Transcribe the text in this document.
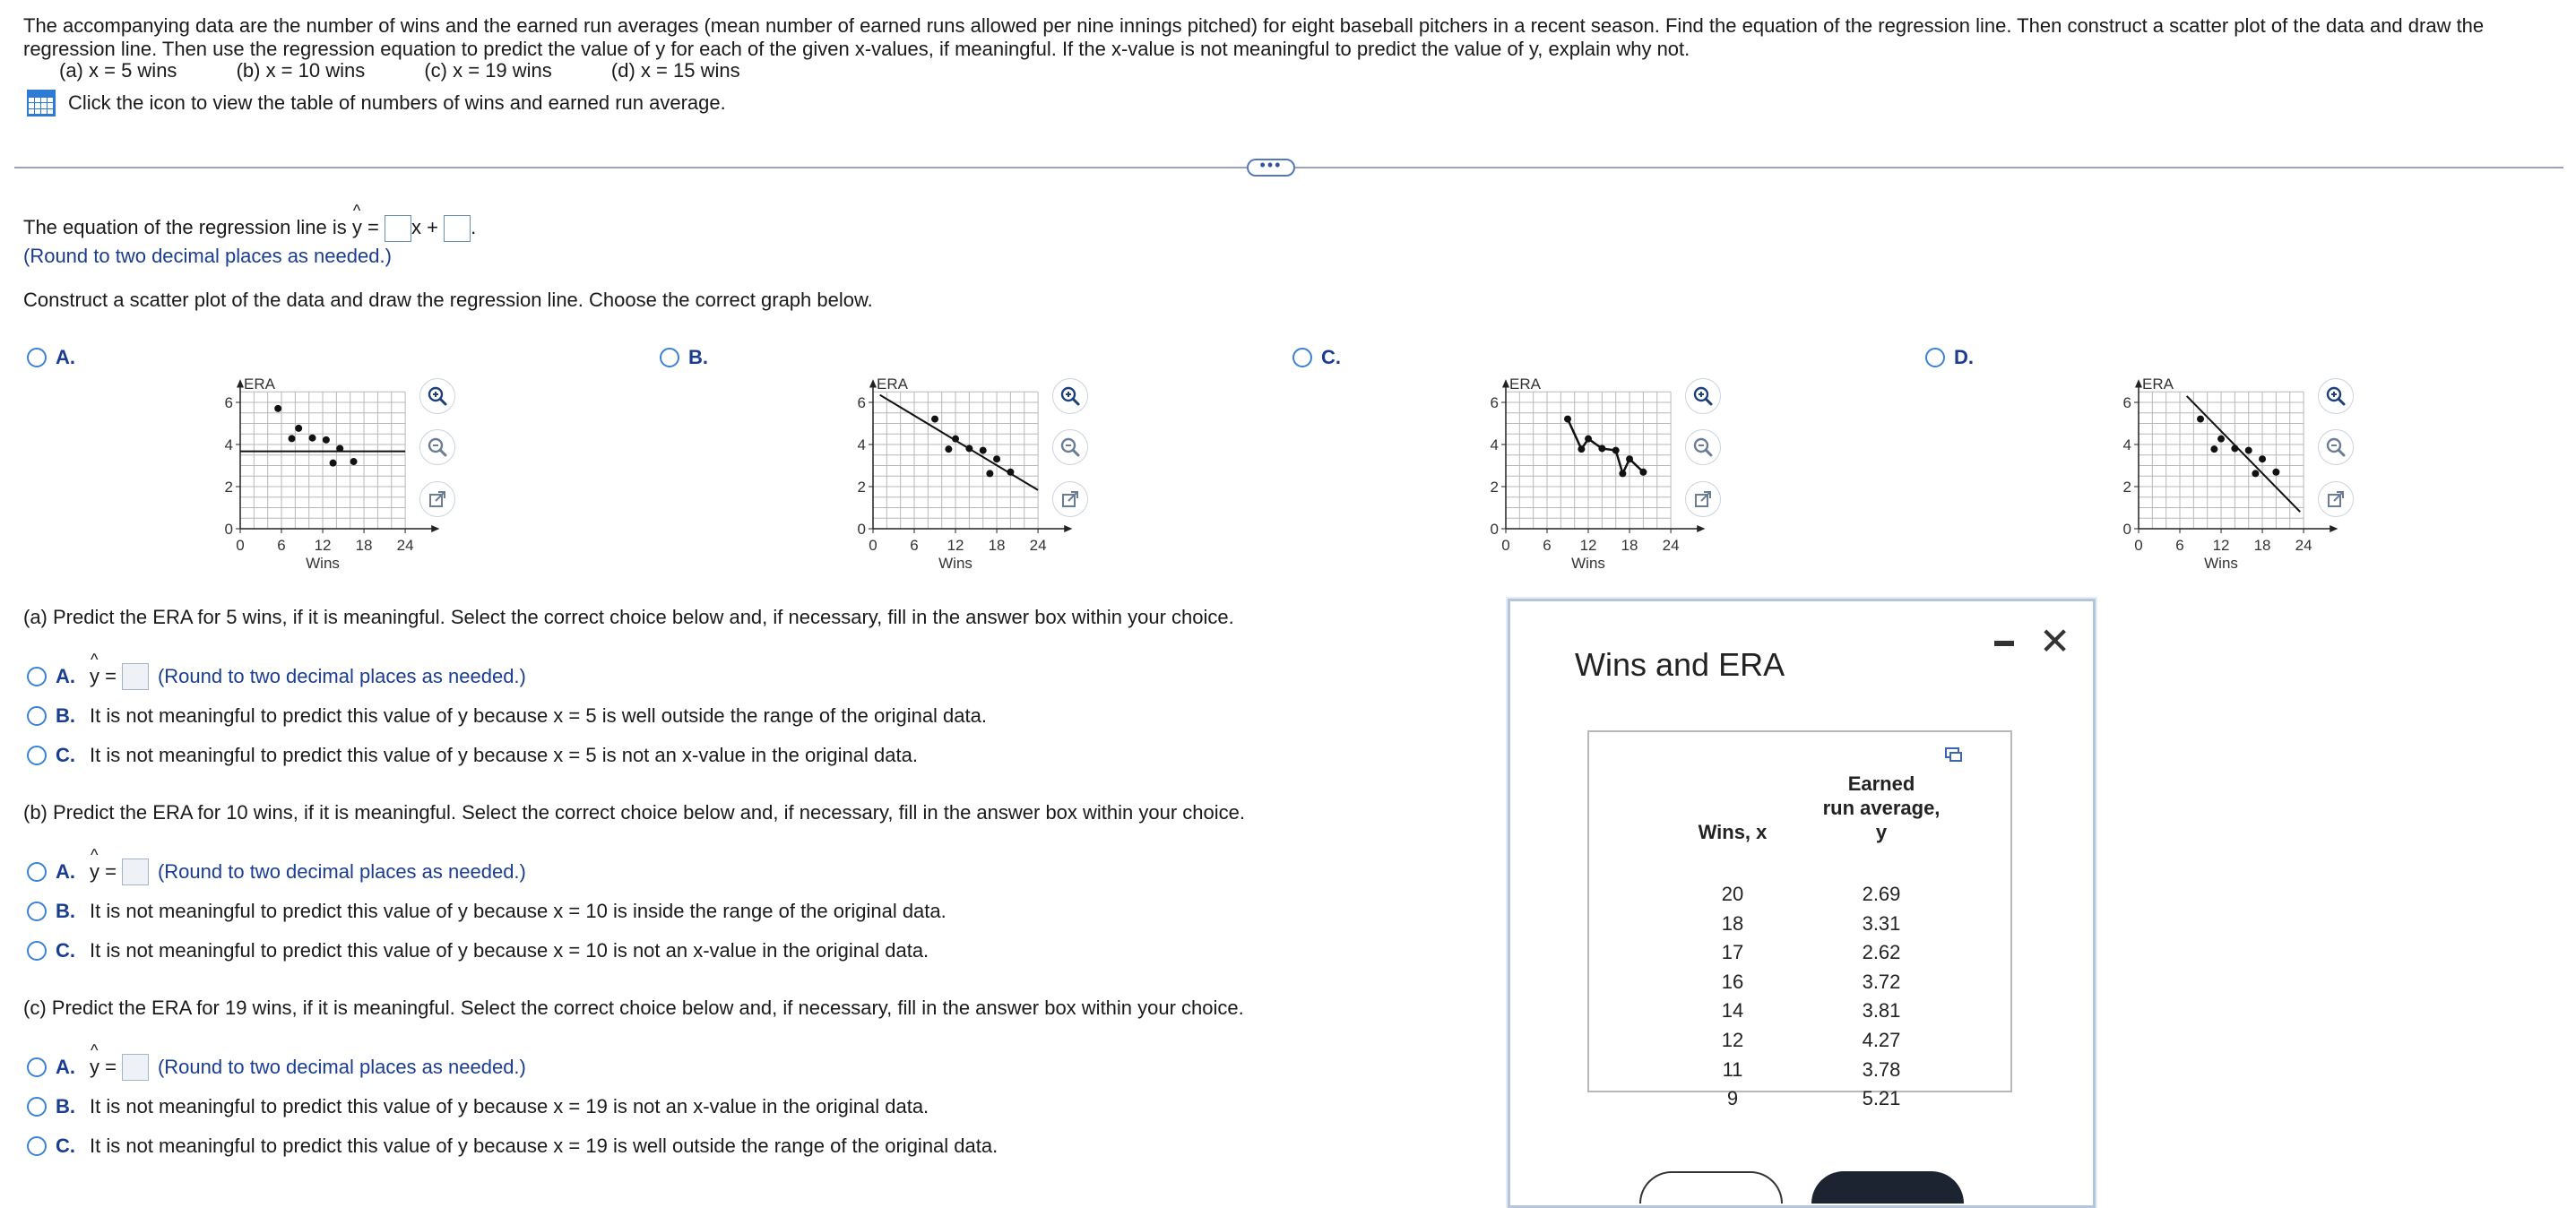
The accompanying data are the number of wins and the earned run averages (mean number of earned runs allowed per nine innings pitched) for eight baseball pitchers in a recent season. Find the equation of the regression line. Then construct a scatter plot of the data and draw the regression line. Then use the regression equation to predict the value of y for each of the given x-values, if meaningful. If the x-value is not meaningful to predict the value of y, explain why not.
(a) x = 5 wins	(b) x = 10 wins	(c) x = 19 wins	(d) x = 15 wins
Click the icon to view the table of numbers of wins and earned run average.
•••
The equation of the regression line is ^ y = x + .
(Round to two decimal places as needed.)
Construct a scatter plot of the data and draw the regression line. Choose the correct graph below.
A.
0
2
4
6
0 6 12 18 24
ERA
Wins
B.
0
2
4
6
0 6 12 18 24
ERA
Wins
C.
0
2
4
6
0 6 12 18 24
ERA
Wins
D.
0
2
4
6
0 6 12 18 24
ERA
Wins
(a) Predict the ERA for 5 wins, if it is meaningful. Select the correct choice below and, if necessary, fill in the answer box within your choice.
A. ^ y = (Round to two decimal places as needed.)
B. It is not meaningful to predict this value of y because x = 5 is well outside the range of the original data.
C. It is not meaningful to predict this value of y because x = 5 is not an x-value in the original data.
(b) Predict the ERA for 10 wins, if it is meaningful. Select the correct choice below and, if necessary, fill in the answer box within your choice.
A. ^ y = (Round to two decimal places as needed.)
B. It is not meaningful to predict this value of y because x = 10 is inside the range of the original data.
C. It is not meaningful to predict this value of y because x = 10 is not an x-value in the original data.
(c) Predict the ERA for 19 wins, if it is meaningful. Select the correct choice below and, if necessary, fill in the answer box within your choice.
A. ^ y = (Round to two decimal places as needed.)
B. It is not meaningful to predict this value of y because x = 19 is not an x-value in the original data.
C. It is not meaningful to predict this value of y because x = 19 is well outside the range of the original data.
Wins and ERA
✕
Wins, x
Earned
run average,
y
20	2.69
18	3.31
17	2.62
16	3.72
14	3.81
12	4.27
11	3.78
9	5.21
